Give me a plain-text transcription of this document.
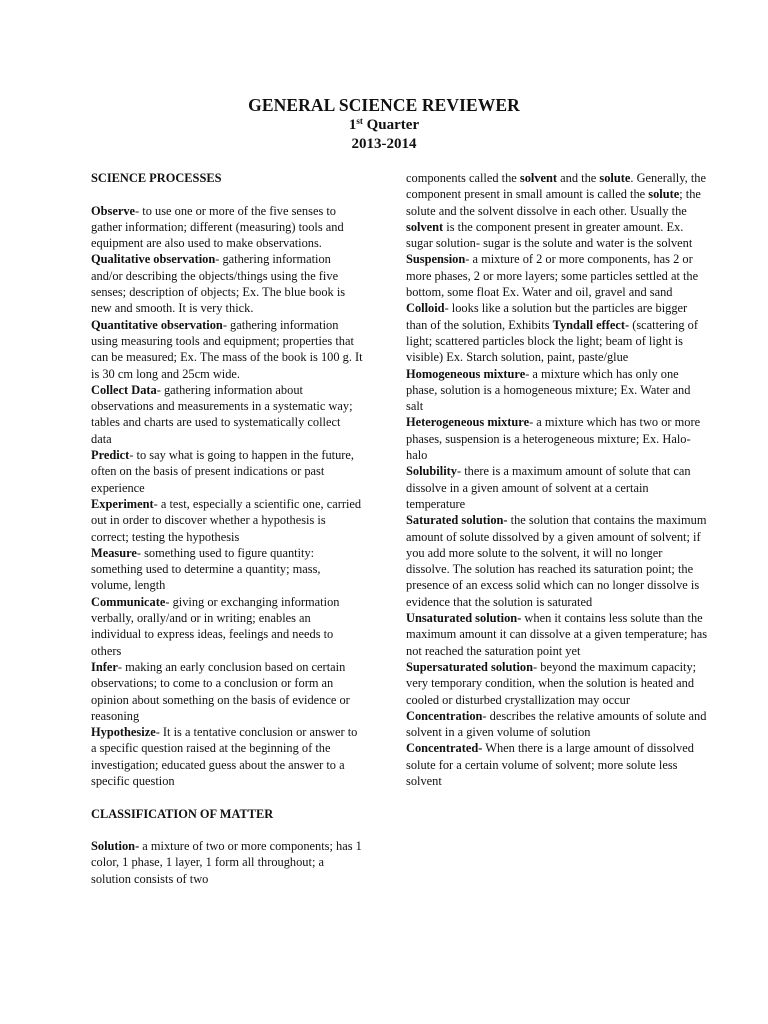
GENERAL SCIENCE REVIEWER
1st Quarter
2013-2014

SCIENCE PROCESSES

Observe- to use one or more of the five senses to gather information; different (measuring) tools and equipment are also used to make observations.

Qualitative observation- gathering information and/or describing the objects/things using the five senses; description of objects; Ex. The blue book is new and smooth. It is very thick.

Quantitative observation- gathering information using measuring tools and equipment; properties that can be measured; Ex. The mass of the book is 100 g. It is 30 cm long and 25cm wide.

Collect Data- gathering information about observations and measurements in a systematic way; tables and charts are used to systematically collect data

Predict- to say what is going to happen in the future, often on the basis of present indications or past experience

Experiment- a test, especially a scientific one, carried out in order to discover whether a hypothesis is correct; testing the hypothesis

Measure- something used to figure quantity: something used to determine a quantity; mass, volume, length

Communicate- giving or exchanging information verbally, orally/and or in writing; enables an individual to express ideas, feelings and needs to others

Infer- making an early conclusion based on certain observations; to come to a conclusion or form an opinion about something on the basis of evidence or reasoning

Hypothesize- It is a tentative conclusion or answer to a specific question raised at the beginning of the investigation; educated guess about the answer to a specific question

CLASSIFICATION OF MATTER

Solution- a mixture of two or more components; has 1 color, 1 phase, 1 layer, 1 form all throughout; a solution consists of two

components called the solvent and the solute. Generally, the component present in small amount is called the solute; the solute and the solvent dissolve in each other. Usually the solvent is the component present in greater amount. Ex. sugar solution- sugar is the solute and water is the solvent

Suspension- a mixture of 2 or more components, has 2 or more phases, 2 or more layers; some particles settled at the bottom, some float Ex. Water and oil, gravel and sand

Colloid- looks like a solution but the particles are bigger than of the solution, Exhibits Tyndall effect- (scattering of light; scattered particles block the light; beam of light is visible) Ex. Starch solution, paint, paste/glue

Homogeneous mixture- a mixture which has only one phase, solution is a homogeneous mixture; Ex. Water and salt

Heterogeneous mixture- a mixture which has two or more phases, suspension is a heterogeneous mixture; Ex. Halo-halo

Solubility- there is a maximum amount of solute that can dissolve in a given amount of solvent at a certain temperature

Saturated solution- the solution that contains the maximum amount of solute dissolved by a given amount of solvent; if you add more solute to the solvent, it will no longer dissolve. The solution has reached its saturation point; the presence of an excess solid which can no longer dissolve is evidence that the solution is saturated

Unsaturated solution- when it contains less solute than the maximum amount it can dissolve at a given temperature; has not reached the saturation point yet

Supersaturated solution- beyond the maximum capacity; very temporary condition, when the solution is heated and cooled or disturbed crystallization may occur

Concentration- describes the relative amounts of solute and solvent in a given volume of solution

Concentrated- When there is a large amount of dissolved solute for a certain volume of solvent; more solute less solvent
